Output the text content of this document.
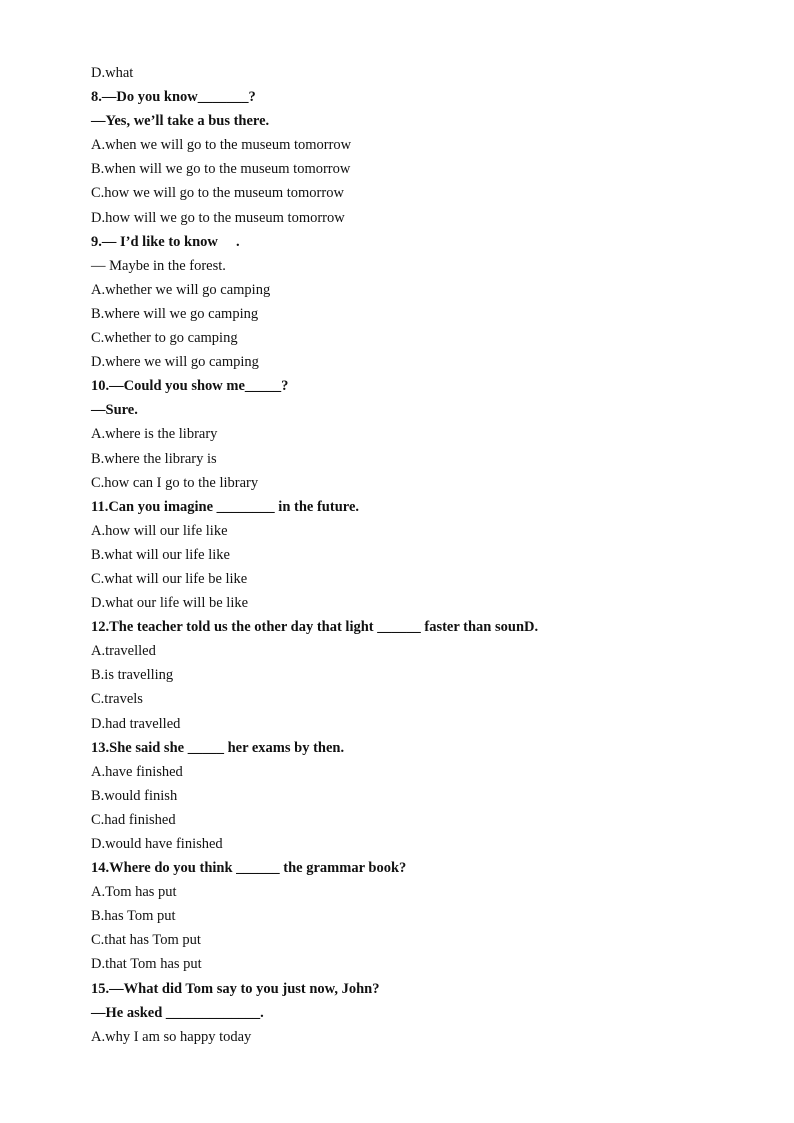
D.what
8.—Do you know_______?
—Yes, we’ll take a bus there.
A.when we will go to the museum tomorrow
B.when will we go to the museum tomorrow
C.how we will go to the museum tomorrow
D.how will we go to the museum tomorrow
9.— I’d like to know     .
— Maybe in the forest.
A.whether we will go camping
B.where will we go camping
C.whether to go camping
D.where we will go camping
10.—Could you show me_____?
—Sure.
A.where is the library
B.where the library is
C.how can I go to the library
11.Can you imagine ________ in the future.
A.how will our life like
B.what will our life like
C.what will our life be like
D.what our life will be like
12.The teacher told us the other day that light ______ faster than sounD.
A.travelled
B.is travelling
C.travels
D.had travelled
13.She said she _____ her exams by then.
A.have finished
B.would finish
C.had finished
D.would have finished
14.Where do you think ______ the grammar book?
A.Tom has put
B.has Tom put
C.that has Tom put
D.that Tom has put
15.—What did Tom say to you just now, John?
—He asked _____________.
A.why I am so happy today
